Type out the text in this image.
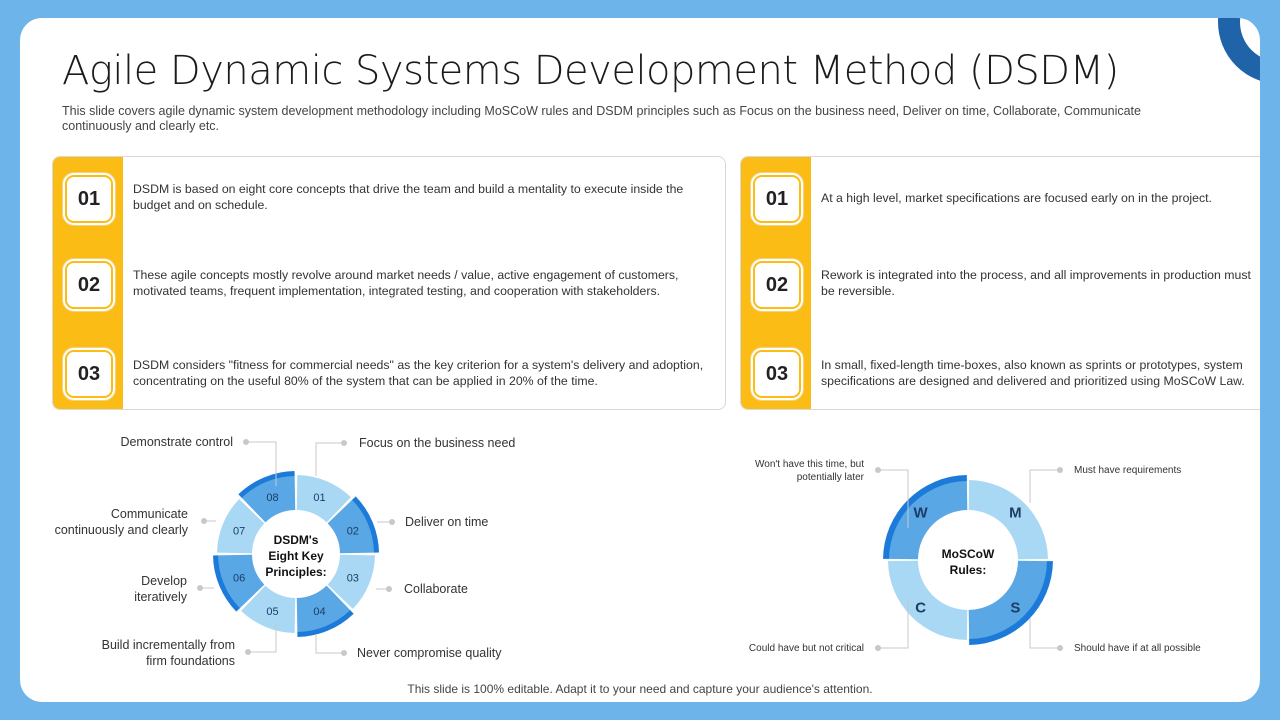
Agile Dynamic Systems Development Method (DSDM)
This slide covers agile dynamic system development methodology including MoSCoW rules and DSDM principles such as Focus on the business need, Deliver on time, Collaborate, Communicate continuously and clearly etc.
01	DSDM is based on eight core concepts that drive the team and build a mentality to execute inside the budget and on schedule.
02	These agile concepts mostly revolve around market needs / value, active engagement of customers, motivated teams, frequent implementation, integrated testing, and cooperation with stakeholders.
03	DSDM considers "fitness for commercial needs" as the key criterion for a system's delivery and adoption, concentrating on the useful 80% of the system that can be applied in 20% of the time.
01	At a high level, market specifications are focused early on in the project.
02	Rework is integrated into the process, and all improvements in production must be reversible.
03	In small, fixed-length time-boxes, also known as sprints or prototypes, system specifications are designed and delivered and prioritized using MoSCoW Law.
01
02
03
04
05
06
07
08
DSDM's
Eight Key
Principles:
M
S
C
W
MoSCoW
Rules:
Demonstrate control	Focus on the business need
Communicate
continuously and clearly
Deliver on time
Develop
iteratively
Collaborate
Build incrementally from
firm foundations
Never compromise quality
Won't have this time, but
potentially later
Must have requirements
Could have but not critical	Should have if at all possible
This slide is 100% editable. Adapt it to your need and capture your audience's attention.
